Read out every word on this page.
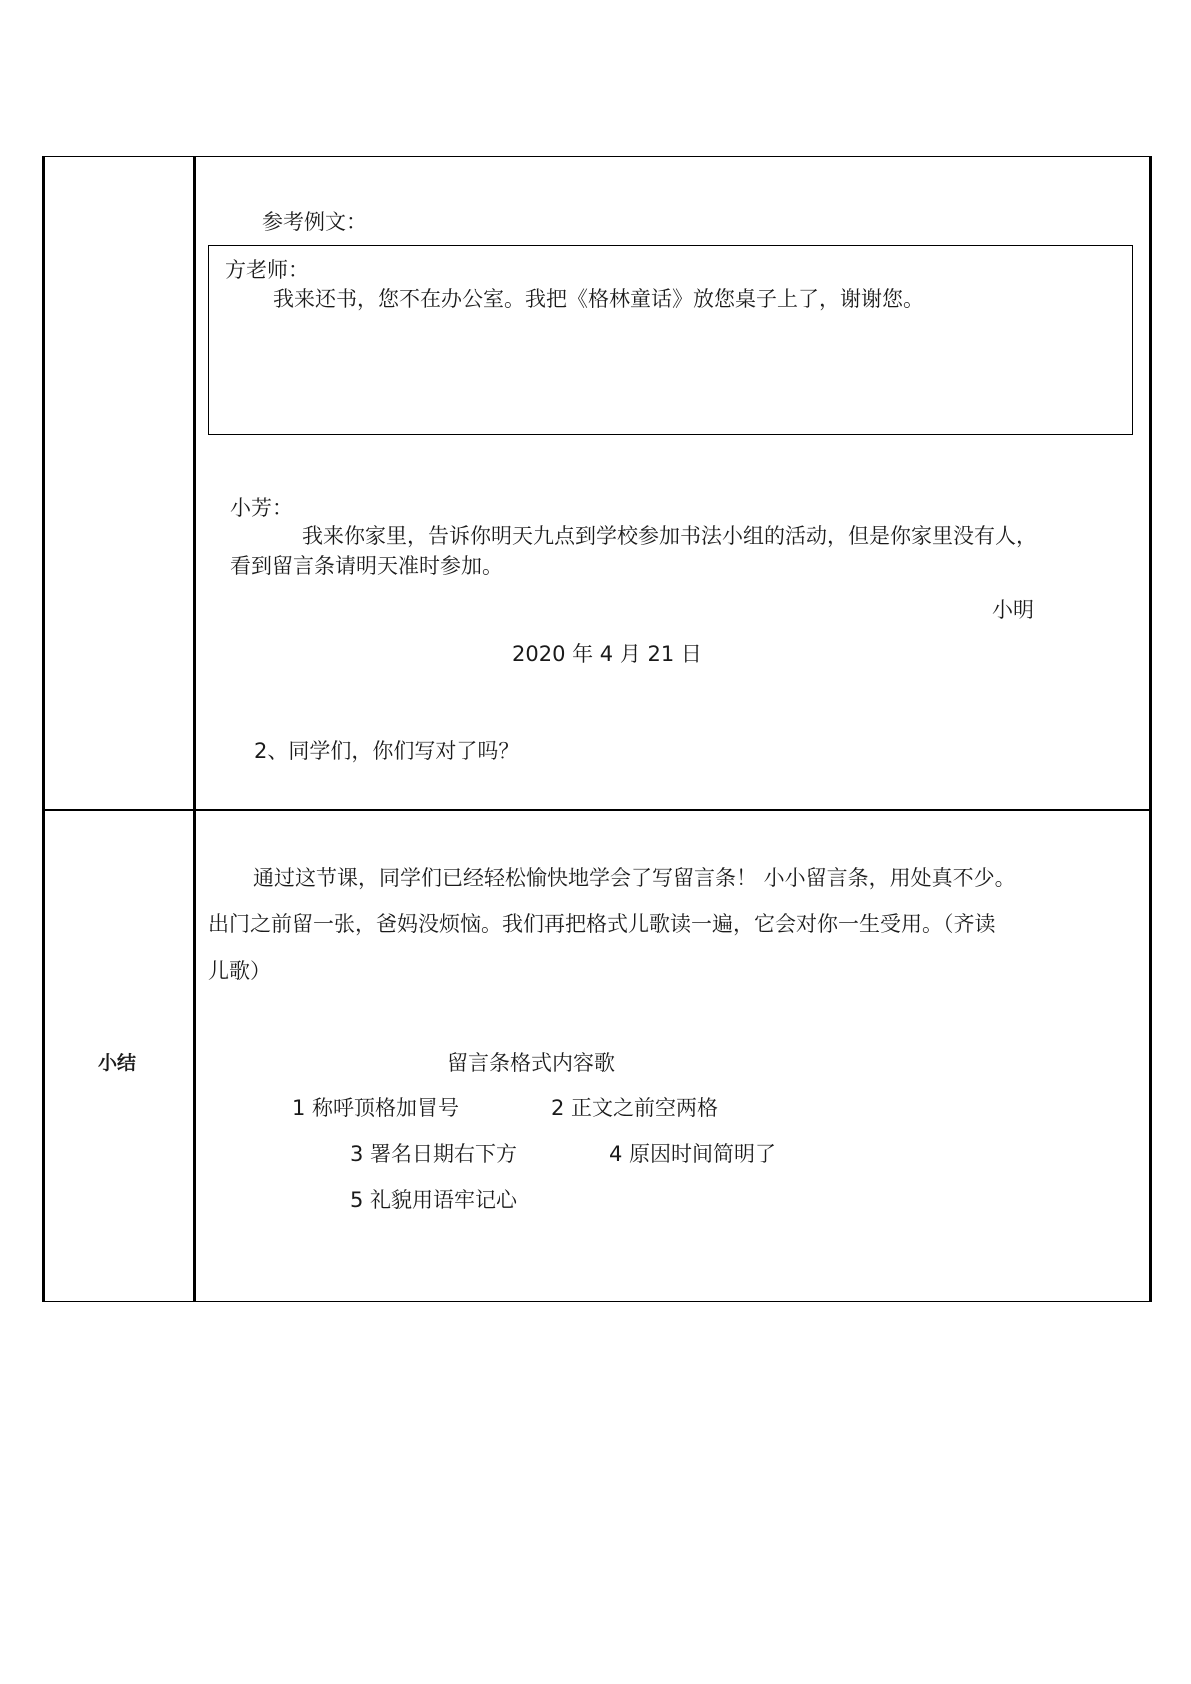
参考例文：
方老师：
我来还书，您不在办公室。我把《格林童话》放您桌子上了，谢谢您。
小芳：
我来你家里，告诉你明天九点到学校参加书法小组的活动，但是你家里没有人，
看到留言条请明天准时参加。
小明
2020 年 4 月 21 日
2、同学们，你们写对了吗？
小结
通过这节课，同学们已经轻松愉快地学会了写留言条！ 小小留言条，用处真不少。
出门之前留一张，爸妈没烦恼。我们再把格式儿歌读一遍，它会对你一生受用。（齐读
儿歌）
留言条格式内容歌
1 称呼顶格加冒号	2 正文之前空两格
3 署名日期右下方	4 原因时间简明了
5 礼貌用语牢记心
